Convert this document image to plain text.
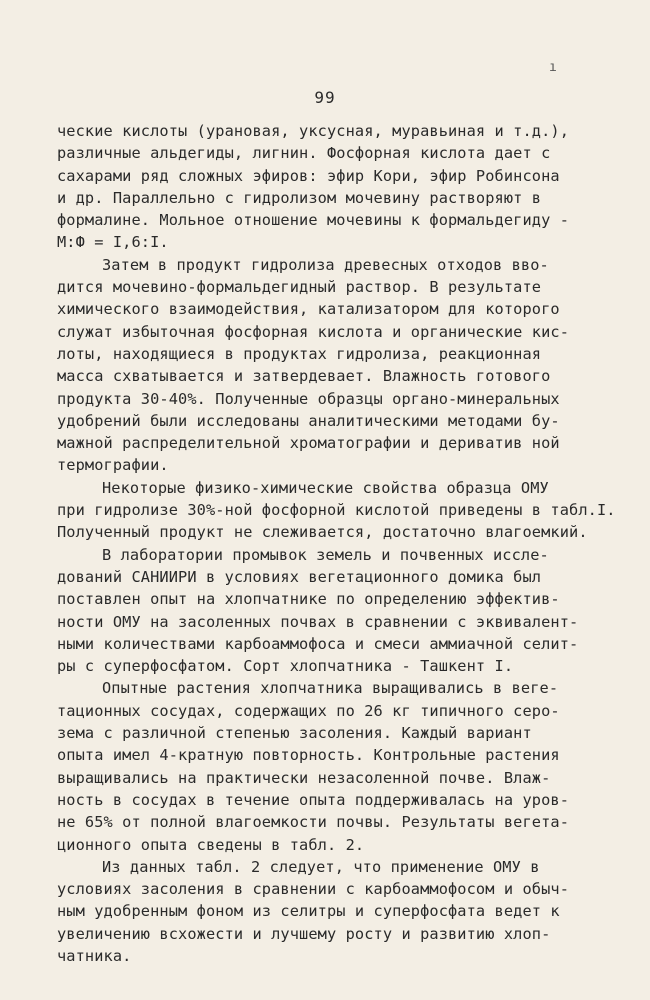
ı
99
ческие кислоты (урановая, уксусная, муравьиная и т.д.),
различные альдегиды, лигнин. Фосфорная кислота дает с
сахарами ряд сложных эфиров: эфир Кори, эфир Робинсона
и др. Параллельно с гидролизом мочевину растворяют в
формалине. Мольное отношение мочевины к формальдегиду -
М:Ф = I,6:I.
Затем в продукт гидролиза древесных отходов вво-
дится мочевино-формальдегидный раствор. В результате
химического взаимодействия, катализатором для которого
служат избыточная фосфорная кислота и органические кис-
лоты, находящиеся в продуктах гидролиза, реакционная
масса схватывается и затвердевает. Влажность готового
продукта 30-40%. Полученные образцы органо-минеральных
удобрений были исследованы аналитическими методами бу-
мажной распределительной хроматографии и дериватив ной
термографии.
Некоторые физико-химические свойства образца ОМУ
при гидролизе 30%-ной фосфорной кислотой приведены в табл.I.
Полученный продукт не слеживается, достаточно влагоемкий.
В лаборатории промывок земель и почвенных иссле-
дований САНИИРИ в условиях вегетационного домика был
поставлен опыт на хлопчатнике по определению эффектив-
ности ОМУ на засоленных почвах в сравнении с эквивалент-
ными количествами карбоаммофоса и смеси аммиачной селит-
ры с суперфосфатом. Сорт хлопчатника - Ташкент I.
Опытные растения хлопчатника выращивались в веге-
тационных сосудах, содержащих по 26 кг типичного серо-
зема с различной степенью засоления. Каждый вариант
опыта имел 4-кратную повторность. Контрольные растения
выращивались на практически незасоленной почве. Влаж-
ность в сосудах в течение опыта поддерживалась на уров-
не 65% от полной влагоемкости почвы. Результаты вегета-
ционного опыта сведены в табл. 2.
Из данных табл. 2 следует, что применение ОМУ в
условиях засоления в сравнении с карбоаммофосом и обыч-
ным удобренным фоном из селитры и суперфосфата ведет к
увеличению всхожести и лучшему росту и развитию хлоп-
чатника.
